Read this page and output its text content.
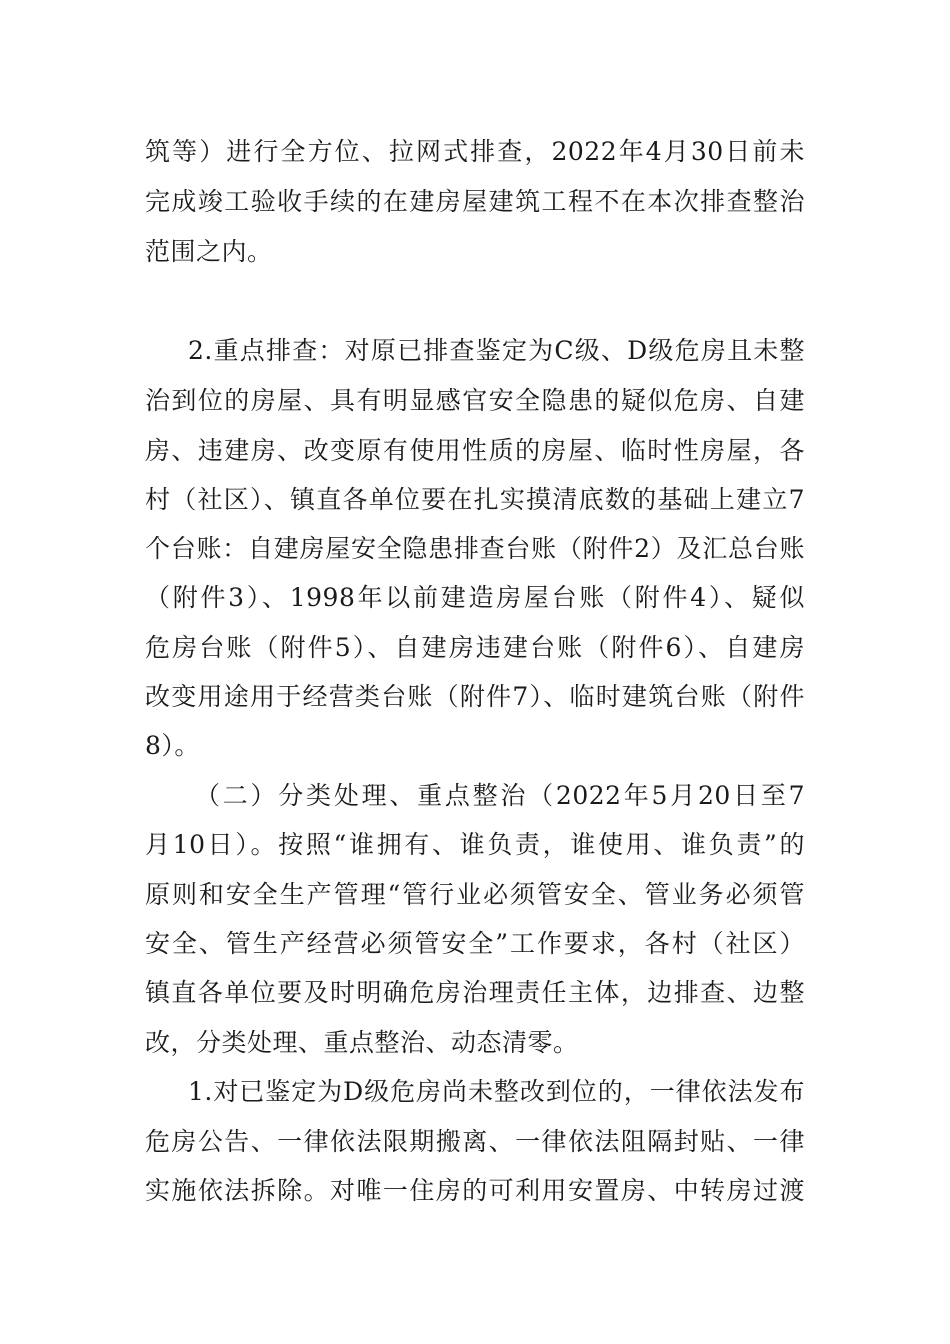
筑等）进行全方位、拉网式排查，2022年4月30日前未
完成竣工验收手续的在建房屋建筑工程不在本次排查整治
范围之内。
2.重点排查：对原已排查鉴定为C级、D级危房且未整
治到位的房屋、具有明显感官安全隐患的疑似危房、自建
房、违建房、改变原有使用性质的房屋、临时性房屋，各
村（社区）、镇直各单位要在扎实摸清底数的基础上建立7
个台账：自建房屋安全隐患排查台账（附件2）及汇总台账
（附件3）、1998年以前建造房屋台账（附件4）、疑似
危房台账（附件5）、自建房违建台账（附件6）、自建房
改变用途用于经营类台账（附件7）、临时建筑台账（附件
8）。
（二）分类处理、重点整治（2022年5月20日至7
月10日）。按照“谁拥有、谁负责，谁使用、谁负责”的
原则和安全生产管理“管行业必须管安全、管业务必须管
安全、管生产经营必须管安全”工作要求，各村（社区）
镇直各单位要及时明确危房治理责任主体，边排查、边整
改，分类处理、重点整治、动态清零。
1.对已鉴定为D级危房尚未整改到位的，一律依法发布
危房公告、一律依法限期搬离、一律依法阻隔封贴、一律
实施依法拆除。对唯一住房的可利用安置房、中转房过渡
